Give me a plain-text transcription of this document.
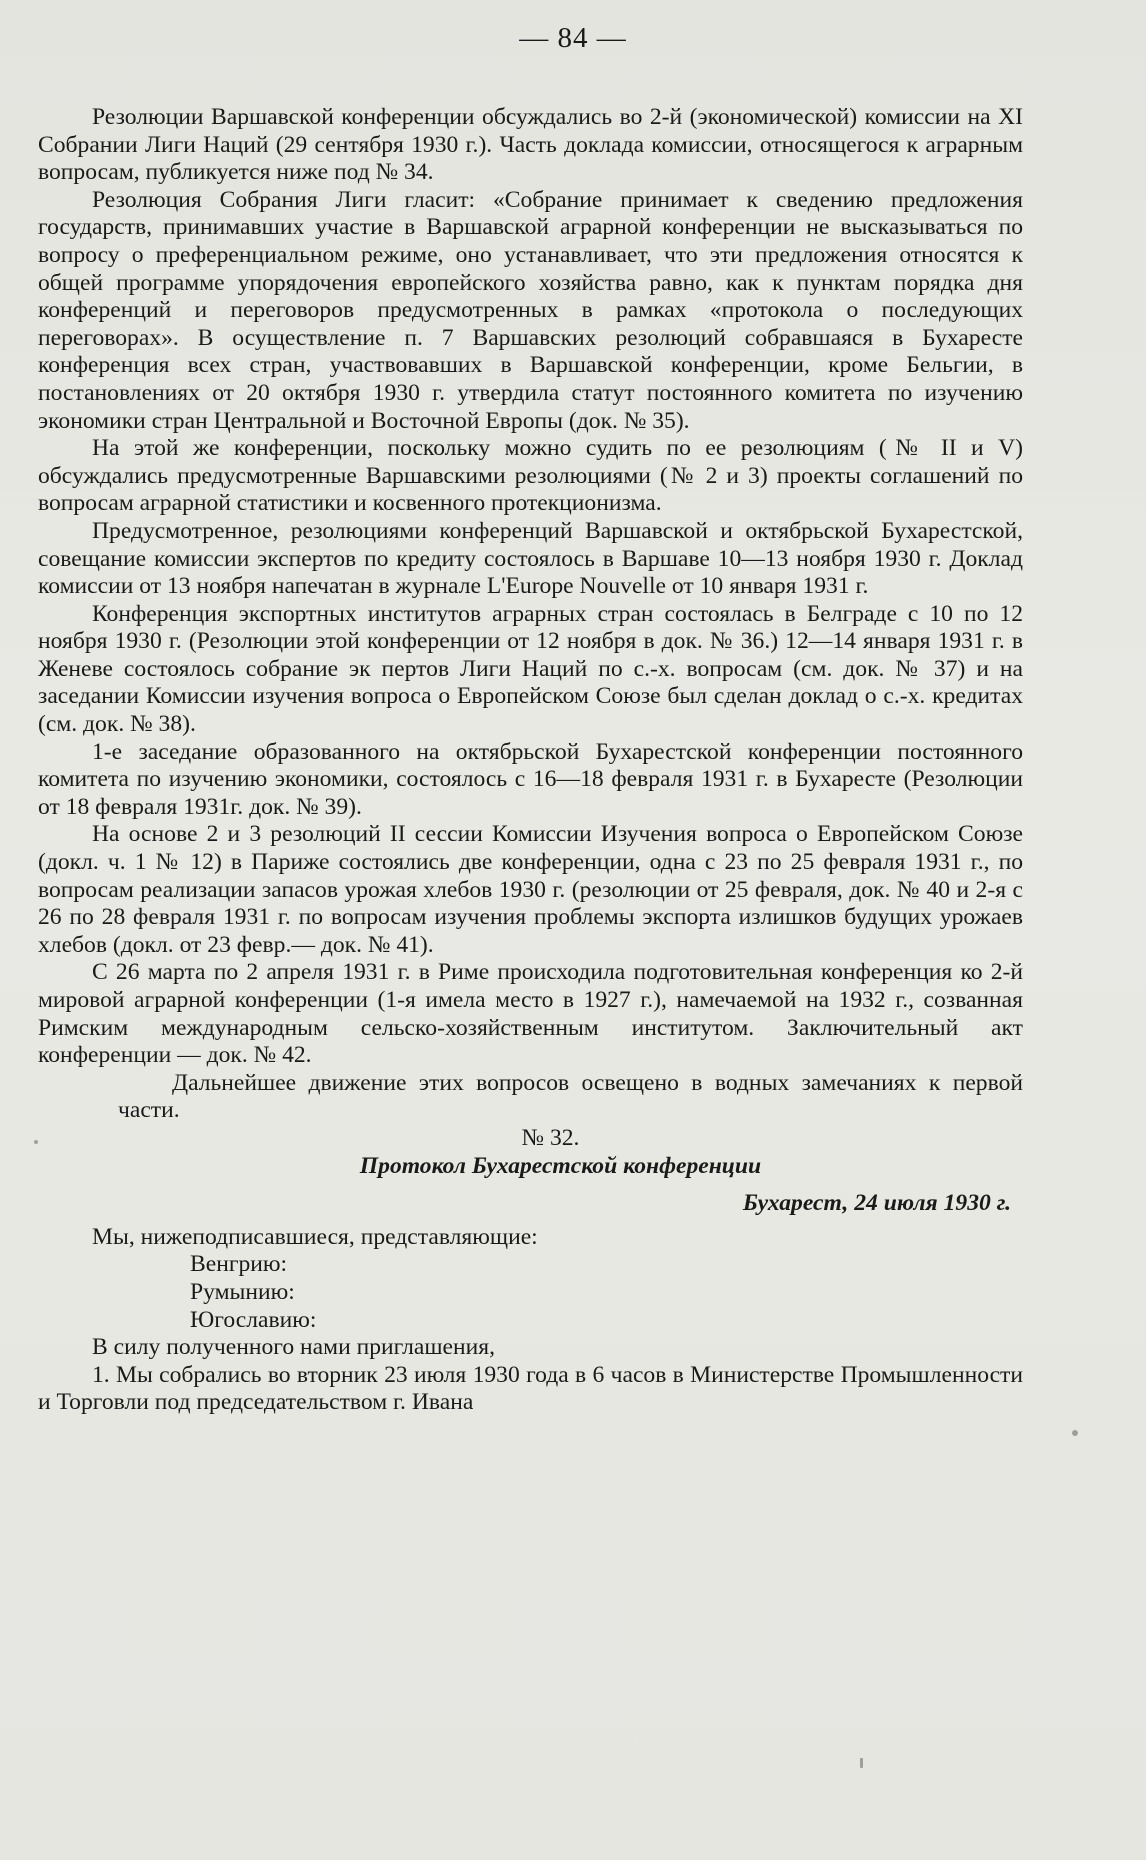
— 84 —

Резолюции Варшавской конференции обсуждались во 2-й (экономической) комиссии на XI Собрании Лиги Наций (29 сентября 1930 г.). Часть доклада комиссии, относящегося к аграрным вопросам, публикуется ниже под № 34.

Резолюция Собрания Лиги гласит: «Собрание принимает к сведению предложения государств, принимавших участие в Варшавской аграрной конференции не высказываться по вопросу о преференциальном режиме, оно устанавливает, что эти предложения относятся к общей программе упорядочения европейского хозяйства равно, как к пунктам порядка дня конференций и переговоров предусмотренных в рамках «протокола о последующих переговорах». В осуществление п. 7 Варшавских резолюций собравшаяся в Бухаресте конференция всех стран, участвовавших в Варшавской конференции, кроме Бельгии, в постановлениях от 20 октября 1930 г. утвердила статут постоянного комитета по изучению экономики стран Центральной и Восточной Европы (док. № 35).

На этой же конференции, поскольку можно судить по ее резолюциям (№ II и V) обсуждались предусмотренные Варшавскими резолюциями (№ 2 и 3) проекты соглашений по вопросам аграрной статистики и косвенного протекционизма.

Предусмотренное, резолюциями конференций Варшавской и октябрьской Бухарестской, совещание комиссии экспертов по кредиту состоялось в Варшаве 10—13 ноября 1930 г. Доклад комиссии от 13 ноября напечатан в журнале L'Europe Nouvelle от 10 января 1931 г.

Конференция экспортных институтов аграрных стран состоялась в Белграде с 10 по 12 ноября 1930 г. (Резолюции этой конференции от 12 ноября в док. № 36.) 12—14 января 1931 г. в Женеве состоялось собрание эк пертов Лиги Наций по с.-х. вопросам (см. док. № 37) и на заседании Комиссии изучения вопроса о Европейском Союзе был сделан доклад о с.-х. кредитах (см. док. № 38).

1-е заседание образованного на октябрьской Бухарестской конференции постоянного комитета по изучению экономики, состоялось с 16—18 февраля 1931 г. в Бухаресте (Резолюции от 18 февраля 1931г. док. № 39).

На основе 2 и 3 резолюций II сессии Комиссии Изучения вопроса о Европейском Союзе (докл. ч. 1 № 12) в Париже состоялись две конференции, одна с 23 по 25 февраля 1931 г., по вопросам реализации запасов урожая хлебов 1930 г. (резолюции от 25 февраля, док. № 40 и 2-я с 26 по 28 февраля 1931 г. по вопросам изучения проблемы экспорта излишков будущих урожаев хлебов (докл. от 23 февр.— док. № 41).

С 26 марта по 2 апреля 1931 г. в Риме происходила подготовительная конференция ко 2-й мировой аграрной конференции (1-я имела место в 1927 г.), намечаемой на 1932 г., созванная Римским международным сельско-хозяйственным институтом. Заключительный акт конференции — док. № 42.

Дальнейшее движение этих вопросов освещено в водных замечаниях к первой части.

№ 32.

Протокол Бухарестской конференции

Бухарест, 24 июля 1930 г.

Мы, нижеподписавшиеся, представляющие:

Венгрию:
Румынию:
Югославию:

В силу полученного нами приглашения,

1. Мы собрались во вторник 23 июля 1930 года в 6 часов в Министерстве Промышленности и Торговли под председательством г. Ивана
